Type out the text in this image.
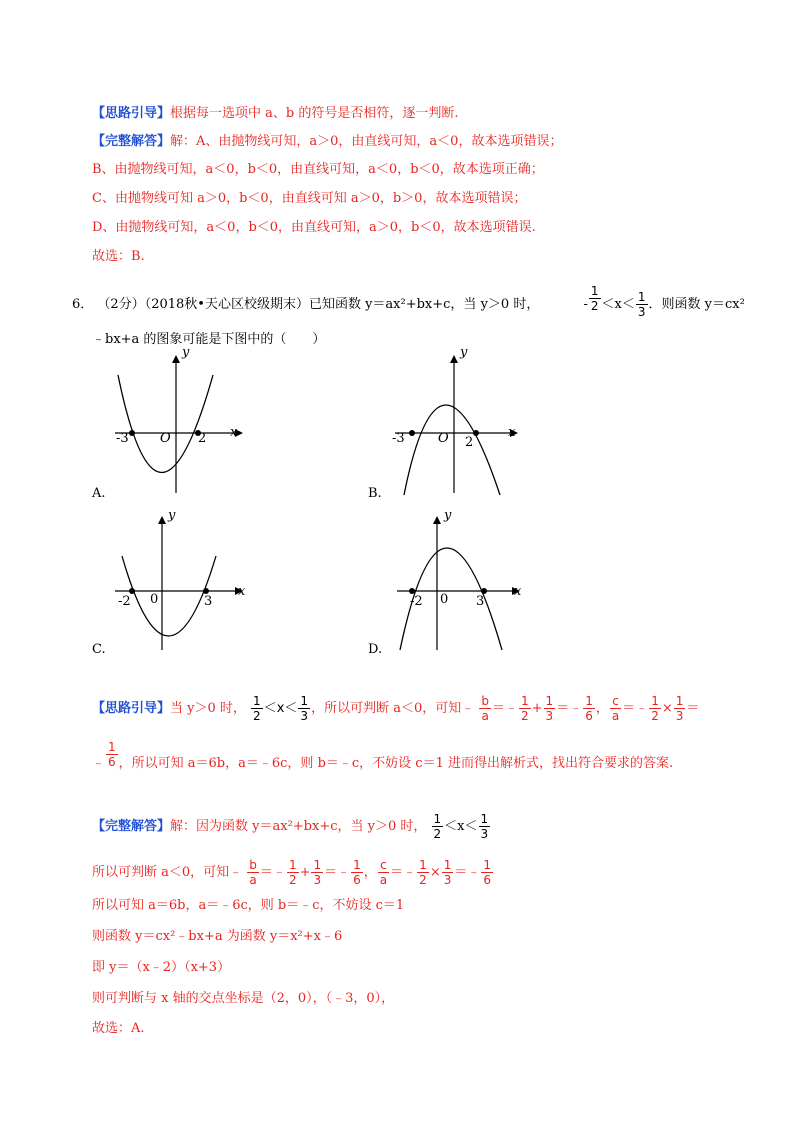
【思路引导】根据每一选项中 a、b 的符号是否相符，逐一判断.
【完整解答】解：A、由抛物线可知，a＞0，由直线可知，a＜0，故本选项错误；
B、由抛物线可知，a＜0，b＜0，由直线可知，a＜0，b＜0，故本选项正确；
C、由抛物线可知 a＞0，b＜0，由直线可知 a＞0，b＞0，故本选项错误；
D、由抛物线可知，a＜0，b＜0，由直线可知，a＞0，b＜0，故本选项错误.
故选：B.
6． （2分）（2018秋•天心区校级期末）已知函数 y＝ax²+bx+c，当 y＞0 时，	- $\frac{1}{2} <x< \frac{1}{3}$ ．则函数 y＝cx²
﹣bx+a 的图象可能是下图中的（　　）
-3 O 2 x
y
A.
-3	O 2
x
y
B.
-2 0	3
x
y
C.
-2 0 3
x
y
D.
【思路引导】当 y＞0 时， $\frac{1}{2} <x< \frac{1}{3}$ ，所以可判断 a＜0，可知﹣ $\frac{b}{a}$ ＝﹣ $\frac{1}{2} + \frac{1}{3}$ ＝﹣ $\frac{1}{6}$ ， $\frac{c}{a}$ ＝﹣ $\frac{1}{2} \times \frac{1}{3}$ ＝
﹣ $\frac{1}{6}$ ，所以可知 a＝6b，a＝﹣6c，则 b＝﹣c，不妨设 c＝1 进而得出解析式，找出符合要求的答案.
【完整解答】解：因为函数 y＝ax²+bx+c，当 y＞0 时， $\frac{1}{2} <x< \frac{1}{3}$
所以可判断 a＜0，可知﹣ $\frac{b}{a}$ ＝﹣ $\frac{1}{2} + \frac{1}{3}$ ＝﹣ $\frac{1}{6}$ ， $\frac{c}{a}$ ＝﹣ $\frac{1}{2} \times \frac{1}{3}$ ＝﹣ $\frac{1}{6}$
所以可知 a＝6b，a＝﹣6c，则 b＝﹣c，不妨设 c＝1
则函数 y＝cx²﹣bx+a 为函数 y＝x²+x﹣6
即 y＝（x﹣2）（x+3）
则可判断与 x 轴的交点坐标是（2，0），（﹣3，0），
故选：A.
